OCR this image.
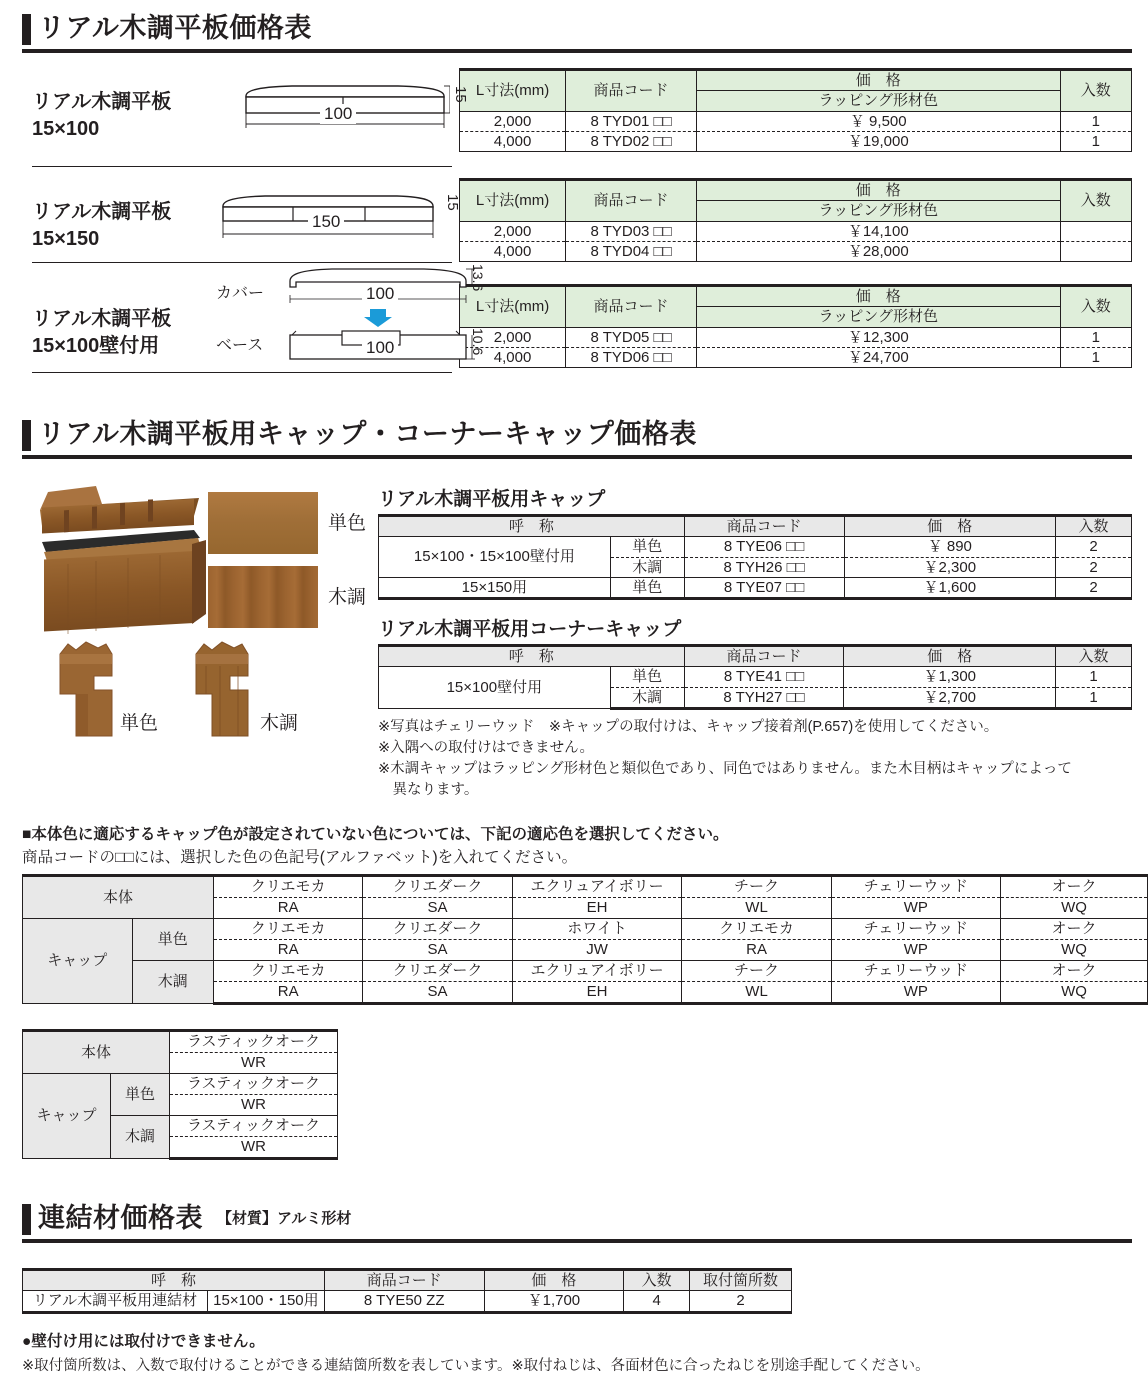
リアル木調平板価格表
リアル木調平板
15×100
100
15 L寸法(mm)	商品コード	価　格	入数
		ラッピング形材色	
2,000	8 TYD01 □□	￥ 9,500	1
4,000	8 TYD02 □□	￥19,000	1
リアル木調平板
15×150
150
15 L寸法(mm)	商品コード	価　格	入数
		ラッピング形材色	
2,000	8 TYD03 □□	￥14,100	
4,000	8 TYD04 □□	￥28,000	
リアル木調平板
15×100壁付用
カバー
ベース
100
13.6
100	10.6
L寸法(mm)	商品コード	価　格	入数
		ラッピング形材色	
2,000	8 TYD05 □□	￥12,300	1
4,000	8 TYD06 □□	￥24,700	1
リアル木調平板用キャップ・コーナーキャップ価格表
単色
木調
単色	木調
リアル木調平板用キャップ
呼　称		商品コード	価　格	入数
15×100・15×100壁付用	単色	8 TYE06 □□	￥ 890	2
	木調	8 TYH26 □□	￥2,300	2
15×150用	単色	8 TYE07 □□	￥1,600	2
リアル木調平板用コーナーキャップ
呼　称		商品コード	価　格	入数
15×100壁付用	単色	8 TYE41 □□	￥1,300	1
	木調	8 TYH27 □□	￥2,700	1
※写真はチェリーウッド　※キャップの取付けは、キャップ接着剤(P.657)を使用してください。
※入隅への取付けはできません。
※木調キャップはラッピング形材色と類似色であり、同色ではありません。また木目柄はキャップによって
　異なります。
■本体色に適応するキャップ色が設定されていない色については、下記の適応色を選択してください。
商品コードの□□には、選択した色の色記号(アルファベット)を入れてください。
本体		クリエモカ	クリエダーク	エクリュアイボリー	チーク	チェリーウッド	オーク
		RA	SA	EH	WL	WP	WQ
キャップ	単色	クリエモカ	クリエダーク	ホワイト	クリエモカ	チェリーウッド	オーク
		RA	SA	JW	RA	WP	WQ
	木調	クリエモカ	クリエダーク	エクリュアイボリー	チーク	チェリーウッド	オーク
		RA	SA	EH	WL	WP	WQ
本体		ラスティックオーク
		WR
キャップ	単色	ラスティックオーク
		WR
	木調	ラスティックオーク
		WR
連結材価格表 【材質】アルミ形材
呼　称		商品コード	価　格	入数	取付箇所数
リアル木調平板用連結材	15×100・150用	8 TYE50 ZZ	￥1,700	4	2
●壁付け用には取付けできません。
※取付箇所数は、入数で取付けることができる連結箇所数を表しています。※取付ねじは、各面材色に合ったねじを別途手配してください。
